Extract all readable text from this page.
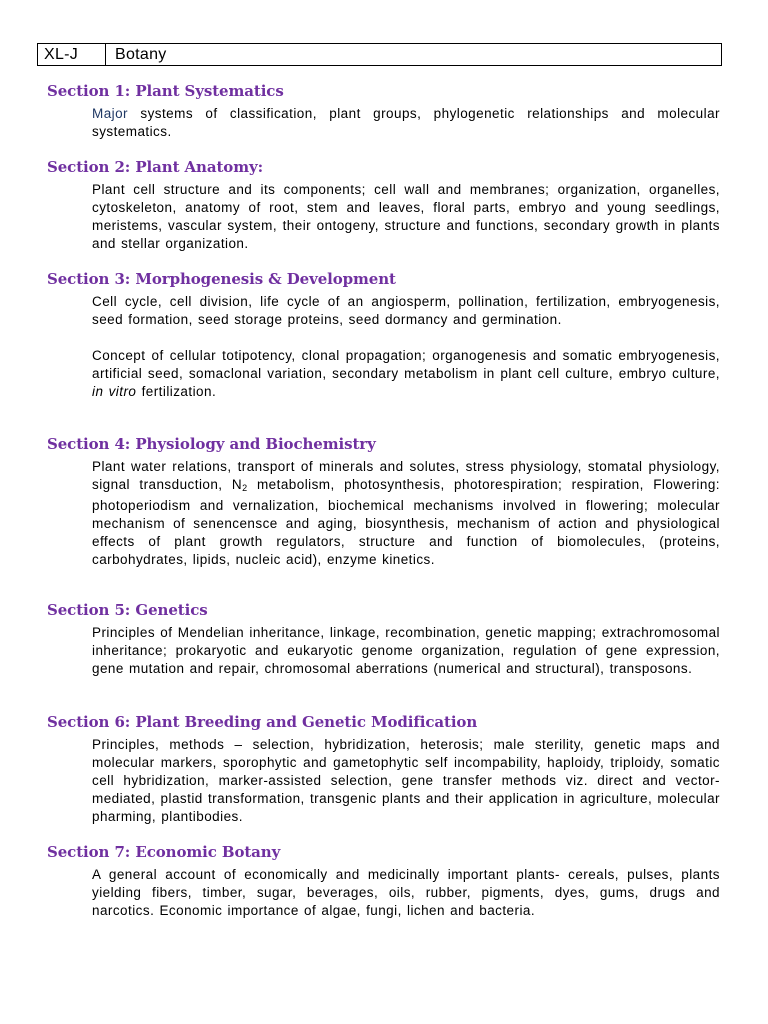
XL-J	Botany
Section 1: Plant Systematics

Major systems of classification, plant groups, phylogenetic relationships and molecular systematics.

Section 2: Plant Anatomy:

Plant cell structure and its components; cell wall and membranes; organization, organelles, cytoskeleton, anatomy of root, stem and leaves, floral parts, embryo and young seedlings, meristems, vascular system, their ontogeny, structure and functions, secondary growth in plants and stellar organization.

Section 3: Morphogenesis & Development

Cell cycle, cell division, life cycle of an angiosperm, pollination, fertilization, embryogenesis, seed formation, seed storage proteins, seed dormancy and germination.

Concept of cellular totipotency, clonal propagation; organogenesis and somatic embryogenesis, artificial seed, somaclonal variation, secondary metabolism in plant cell culture, embryo culture, in vitro fertilization.

Section 4: Physiology and Biochemistry

Plant water relations, transport of minerals and solutes, stress physiology, stomatal physiology, signal transduction, $N_2$ metabolism, photosynthesis, photorespiration; respiration, Flowering: photoperiodism and vernalization, biochemical mechanisms involved in flowering; molecular mechanism of senencensce and aging, biosynthesis, mechanism of action and physiological effects of plant growth regulators, structure and function of biomolecules, (proteins, carbohydrates, lipids, nucleic acid), enzyme kinetics.

Section 5: Genetics

Principles of Mendelian inheritance, linkage, recombination, genetic mapping; extrachromosomal inheritance; prokaryotic and eukaryotic genome organization, regulation of gene expression, gene mutation and repair, chromosomal aberrations (numerical and structural), transposons.

Section 6: Plant Breeding and Genetic Modification

Principles, methods – selection, hybridization, heterosis; male sterility, genetic maps and molecular markers, sporophytic and gametophytic self incompability, haploidy, triploidy, somatic cell hybridization, marker-assisted selection, gene transfer methods viz. direct and vector-mediated, plastid transformation, transgenic plants and their application in agriculture, molecular pharming, plantibodies.

Section 7: Economic Botany

A general account of economically and medicinally important plants- cereals, pulses, plants yielding fibers, timber, sugar, beverages, oils, rubber, pigments, dyes, gums, drugs and narcotics. Economic importance of algae, fungi, lichen and bacteria.
